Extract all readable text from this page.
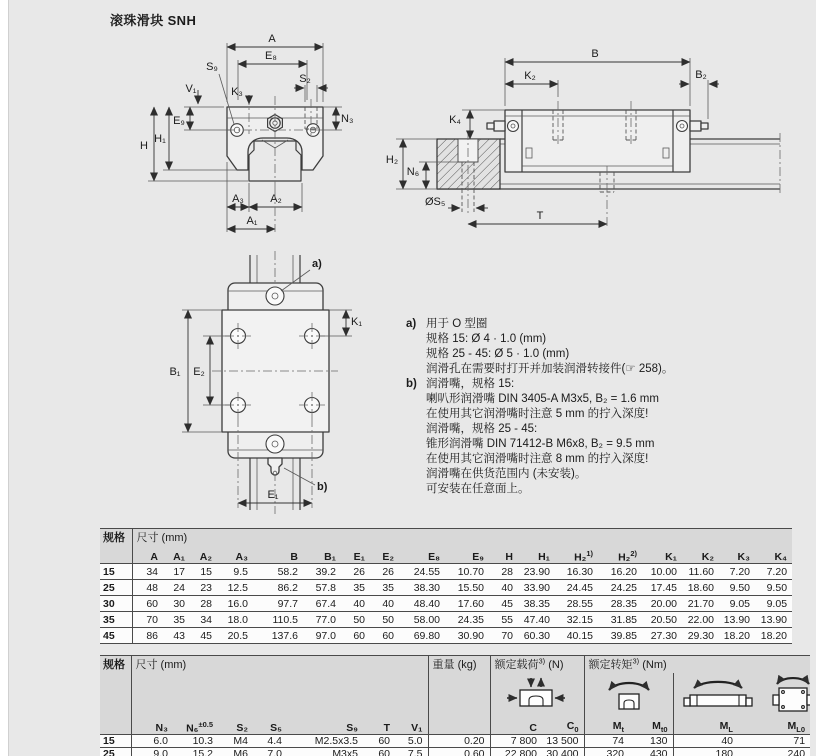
滚珠滑块 SNH
A
E₈
S₉
S₂
V₁	K₃
N₃
E₉
H
H₁
A₃ A₂
A₁
B
K₂	B₂
K₄
H₂
N₆
ØS₅
T
a)
K₁
B₁ E₂
E₁
b)
a) 用于 O 型圈
规格 15: Ø 4 · 1.0 (mm)
规格 25 - 45: Ø 5 · 1.0 (mm)
润滑孔在需要时打开并加装润滑转接件(☞ 258)。
b) 润滑嘴，规格 15:
喇叭形润滑嘴 DIN 3405-A M3x5, B₂ = 1.6 mm
在使用其它润滑嘴时注意 5 mm 的拧入深度!
润滑嘴，规格 25 - 45:
锥形润滑嘴 DIN 71412-B M6x8, B₂ = 9.5 mm
在使用其它润滑嘴时注意 8 mm 的拧入深度!
润滑嘴在供货范围内 (未安装)。
可安装在任意面上。
规格	尺寸 (mm)																	
	A	A₁	A₂	A₃	B	B₁	E₁	E₂	E₈	E₉	H	H₁	H₂$^{1)}$	H₂$^{2)}$	K₁	K₂	K₃	K₄
15	34	17	15	9.5	58.2	39.2	26	26	24.55	10.70	28	23.90	16.30	16.20	10.00	11.60	7.20	7.20
25	48	24	23	12.5	86.2	57.8	35	35	38.30	15.50	40	33.90	24.45	24.25	17.45	18.60	9.50	9.50
30	60	30	28	16.0	97.7	67.4	40	40	48.40	17.60	45	38.35	28.55	28.35	20.00	21.70	9.05	9.05
35	70	35	34	18.0	110.5	77.0	50	50	58.00	24.35	55	47.40	32.15	31.85	20.50	22.00	13.90	13.90
45	86	43	45	20.5	137.6	97.0	60	60	69.80	30.90	70	60.30	40.15	39.85	27.30	29.30	18.20	18.20
规格	尺寸 (mm)							重量 (kg)	额定载荷$^{3)}$ (N)		额定转矩$^{3)}$ (Nm)			

	N₃	N₆$^{\pm 0.5}$	S₂	S₅	S₉	T	V₁		C	$C_0$	$M_t$	$M_{t0}$	$M_L$	$M_{L0}$
15	6.0	10.3	M4	4.4	M2.5x3.5	60	5.0	0.20	7 800	13 500	74	130	40	71
25	9.0	15.2	M6	7.0	M3x5	60	7.5	0.60	22 800	30 400	320	430	180	240
